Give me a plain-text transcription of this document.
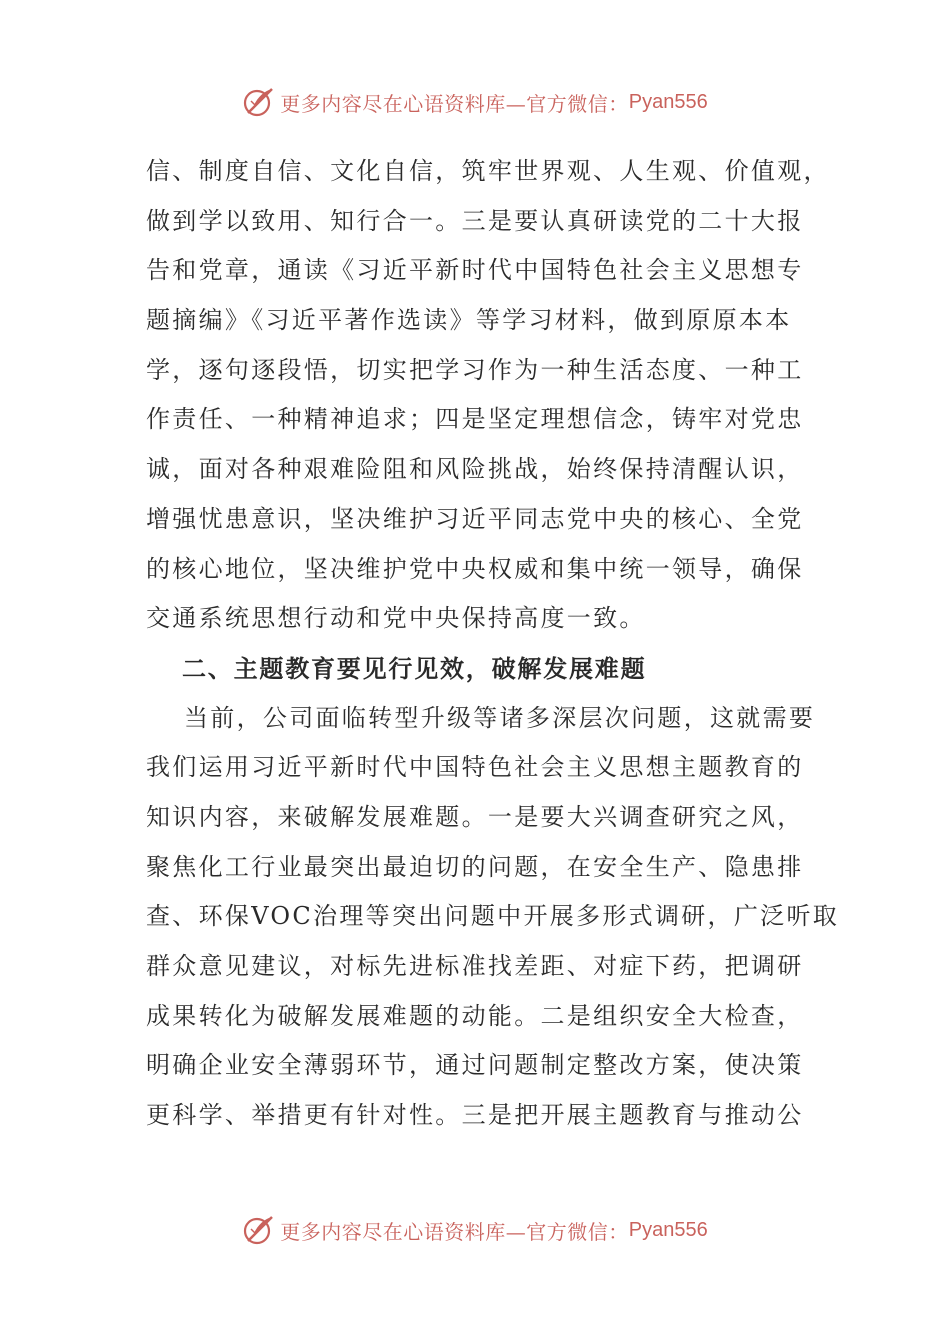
更多内容尽在心语资料库—官方微信： Pyan556
信、制度自信、文化自信，筑牢世界观、人生观、价值观，
做到学以致用、知行合一。三是要认真研读党的二十大报
告和党章，通读《习近平新时代中国特色社会主义思想专
题摘编》《习近平著作选读》等学习材料，做到原原本本
学，逐句逐段悟，切实把学习作为一种生活态度、一种工
作责任、一种精神追求；四是坚定理想信念，铸牢对党忠
诚，面对各种艰难险阻和风险挑战，始终保持清醒认识，
增强忧患意识，坚决维护习近平同志党中央的核心、全党
的核心地位，坚决维护党中央权威和集中统一领导，确保
交通系统思想行动和党中央保持高度一致。
二、主题教育要见行见效，破解发展难题
当前，公司面临转型升级等诸多深层次问题，这就需要
我们运用习近平新时代中国特色社会主义思想主题教育的
知识内容，来破解发展难题。一是要大兴调查研究之风，
聚焦化工行业最突出最迫切的问题，在安全生产、隐患排
查、环保VOC治理等突出问题中开展多形式调研，广泛听取
群众意见建议，对标先进标准找差距、对症下药，把调研
成果转化为破解发展难题的动能。二是组织安全大检查，
明确企业安全薄弱环节，通过问题制定整改方案，使决策
更科学、举措更有针对性。三是把开展主题教育与推动公
更多内容尽在心语资料库—官方微信： Pyan556
